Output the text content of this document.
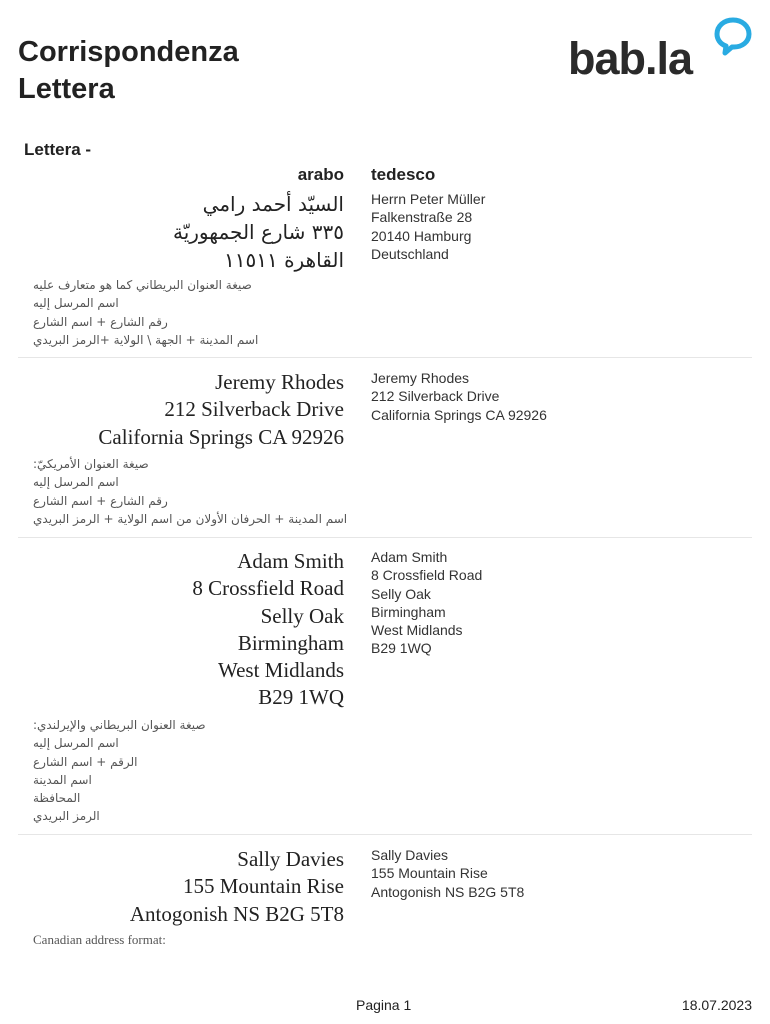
Corrispondenza
Lettera
bab.la
Lettera -
arabo tedesco
السيّد أحمد رامي
٣٣٥ شارع الجمهوريّة
القاهرة ١١٥١١
صيغة العنوان البريطاني كما هو متعارف عليه
اسم المرسل إليه
رقم الشارع + اسم الشارع
اسم المدينة + الجهة \ الولاية +الرمز البريدي
Herrn Peter Müller
Falkenstraße 28
20140 Hamburg
Deutschland
Jeremy Rhodes
212 Silverback Drive
California Springs CA 92926
صيغة العنوان الأمريكيّ:
اسم المرسل إليه
رقم الشارع + اسم الشارع
اسم المدينة + الحرفان الأولان من اسم الولاية + الرمز البريدي
Jeremy Rhodes
212 Silverback Drive
California Springs CA 92926
Adam Smith
8 Crossfield Road
Selly Oak
Birmingham
West Midlands
B29 1WQ
صيغة العنوان البريطاني والإيرلندي:
اسم المرسل إليه
الرقم + اسم الشارع
اسم المدينة
المحافظة
الرمز البريدي
Adam Smith
8 Crossfield Road
Selly Oak
Birmingham
West Midlands
B29 1WQ
Sally Davies
155 Mountain Rise
Antogonish NS B2G 5T8
Canadian address format:
Sally Davies
155 Mountain Rise
Antogonish NS B2G 5T8
Pagina 1	18.07.2023
